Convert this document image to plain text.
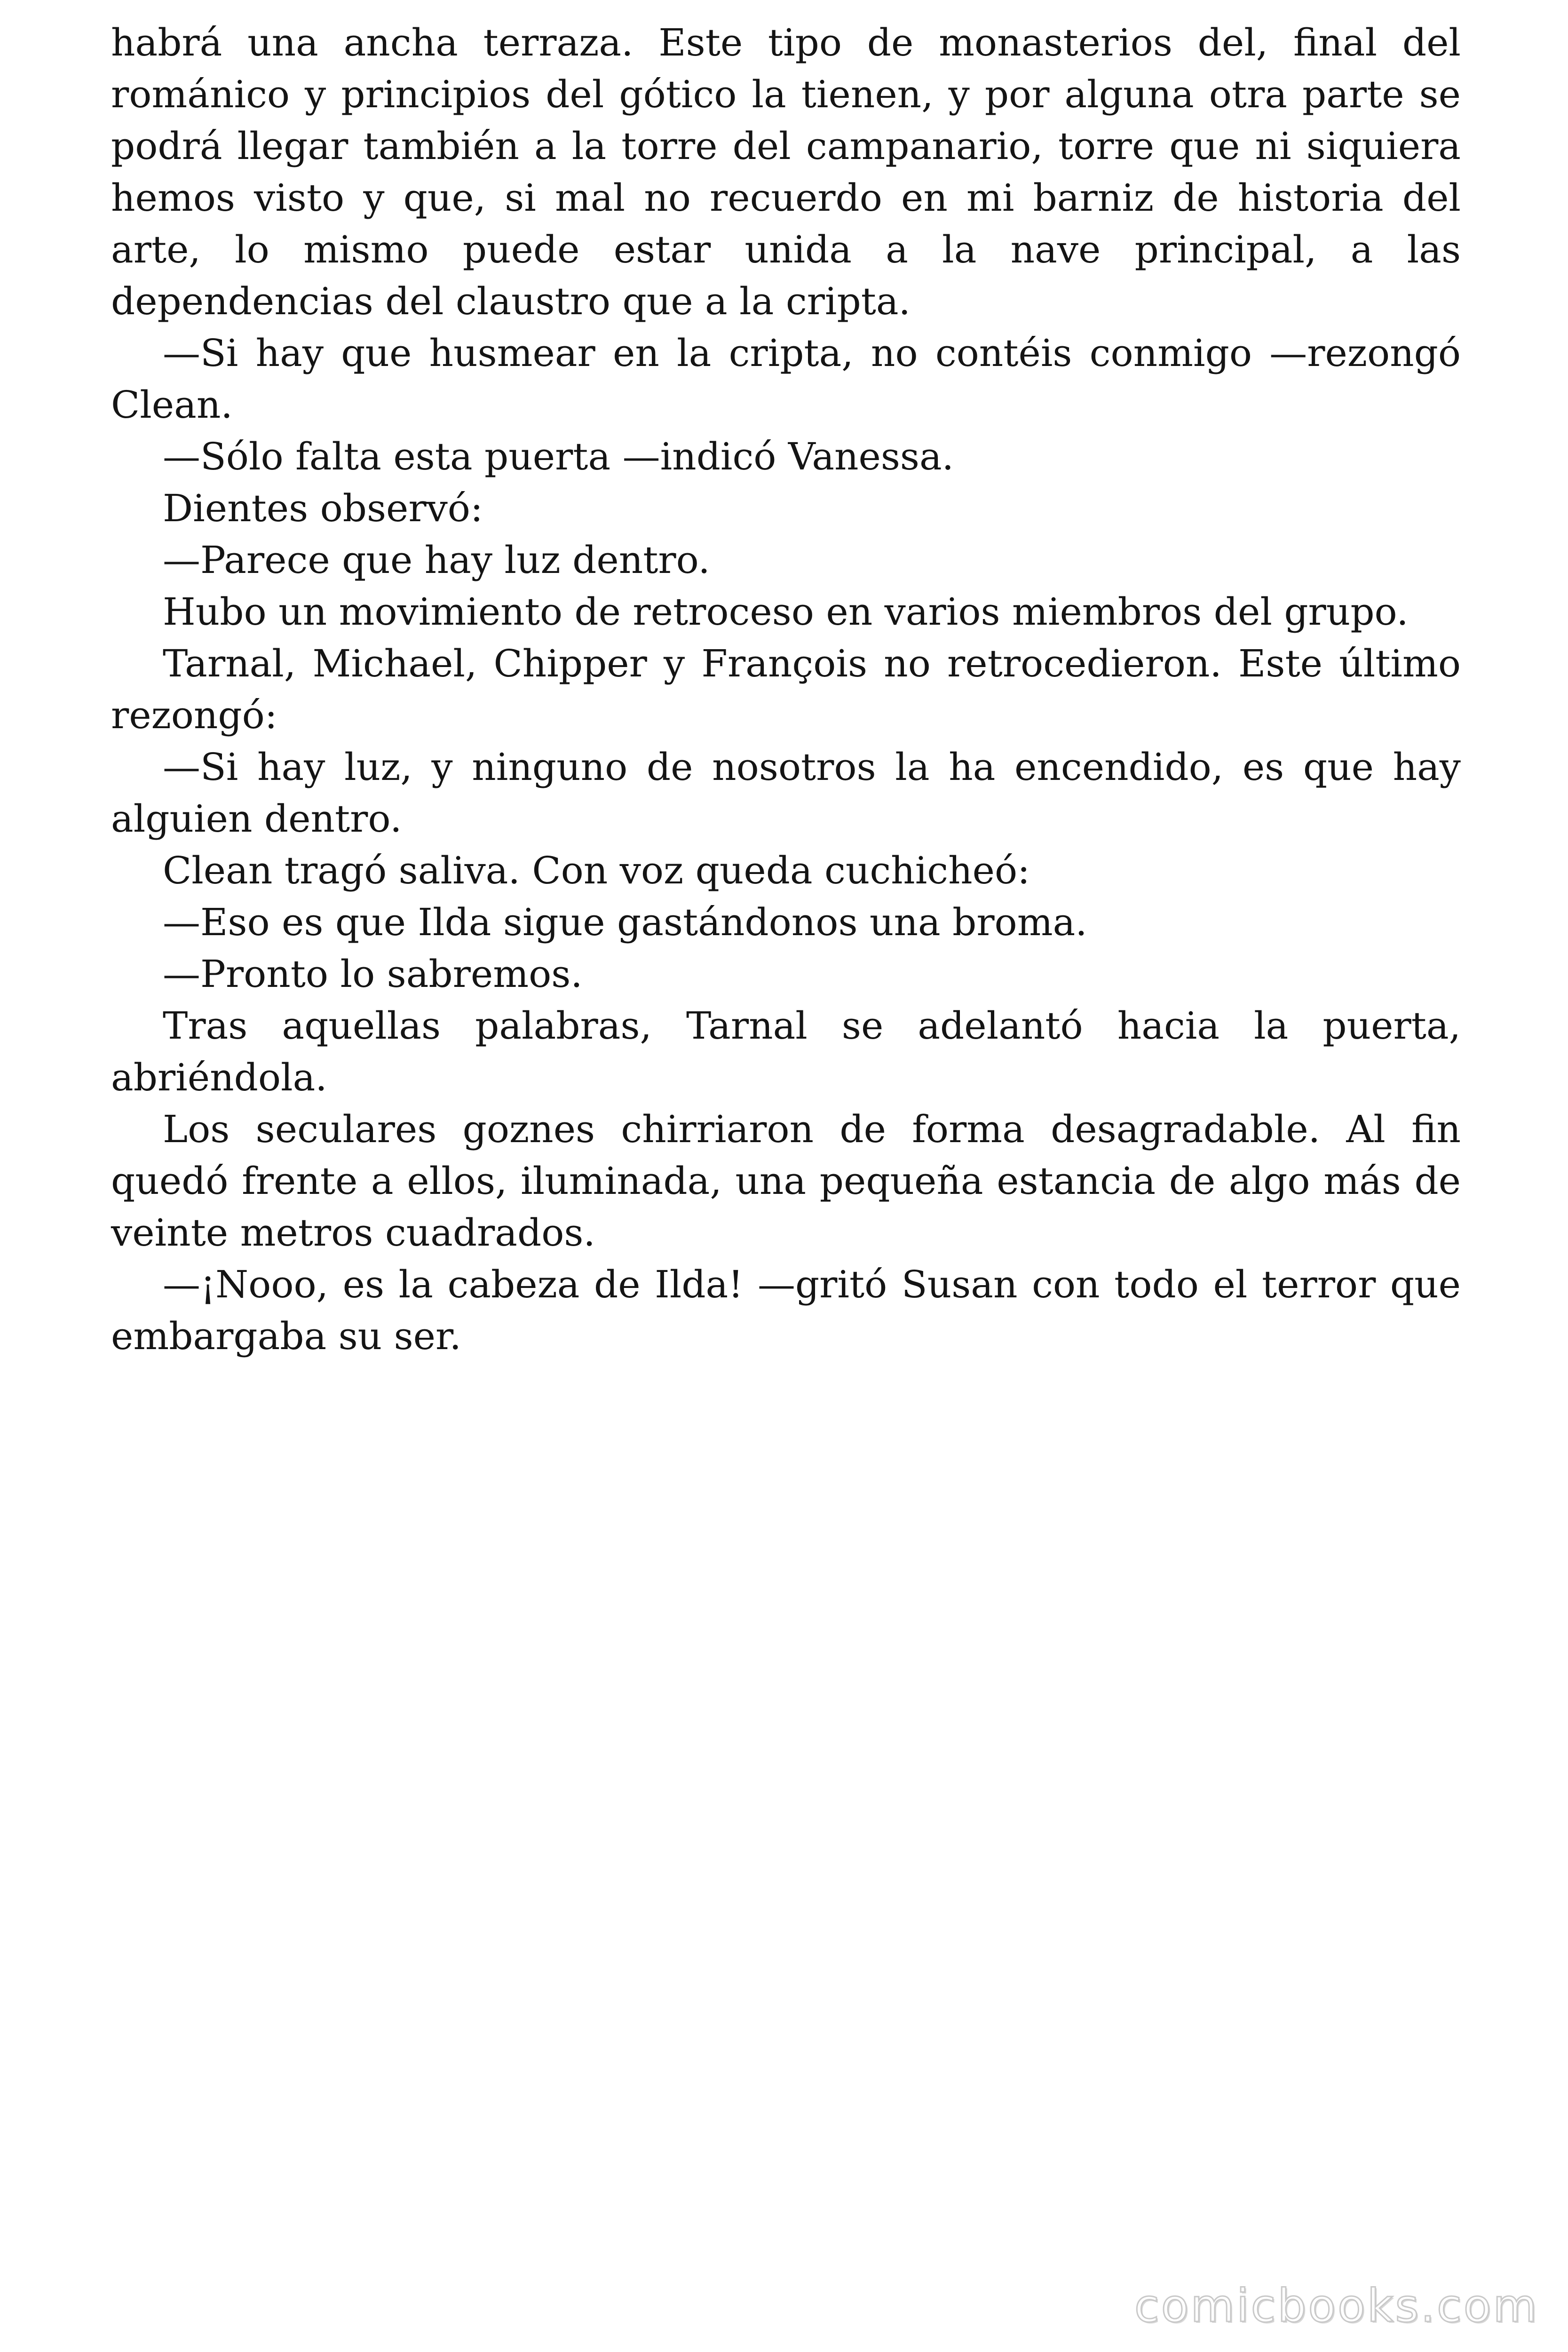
habrá una ancha terraza. Este tipo de monasterios del, final del románico y principios del gótico la tienen, y por alguna otra parte se podrá llegar también a la torre del campanario, torre que ni siquiera hemos visto y que, si mal no recuerdo en mi barniz de historia del arte, lo mismo puede estar unida a la nave principal, a las dependencias del claustro que a la cripta.

—Si hay que husmear en la cripta, no contéis conmigo —rezongó Clean.

—Sólo falta esta puerta —indicó Vanessa.

Dientes observó:

—Parece que hay luz dentro.

Hubo un movimiento de retroceso en varios miembros del grupo.

Tarnal, Michael, Chipper y François no retrocedieron. Este último rezongó:

—Si hay luz, y ninguno de nosotros la ha encendido, es que hay alguien dentro.

Clean tragó saliva. Con voz queda cuchicheó:

—Eso es que Ilda sigue gastándonos una broma.

—Pronto lo sabremos.

Tras aquellas palabras, Tarnal se adelantó hacia la puerta, abriéndola.

Los seculares goznes chirriaron de forma desagradable. Al fin quedó frente a ellos, iluminada, una pequeña estancia de algo más de veinte metros cuadrados.

—¡Nooo, es la cabeza de Ilda! —gritó Susan con todo el terror que embargaba su ser.

comicbooks.com
